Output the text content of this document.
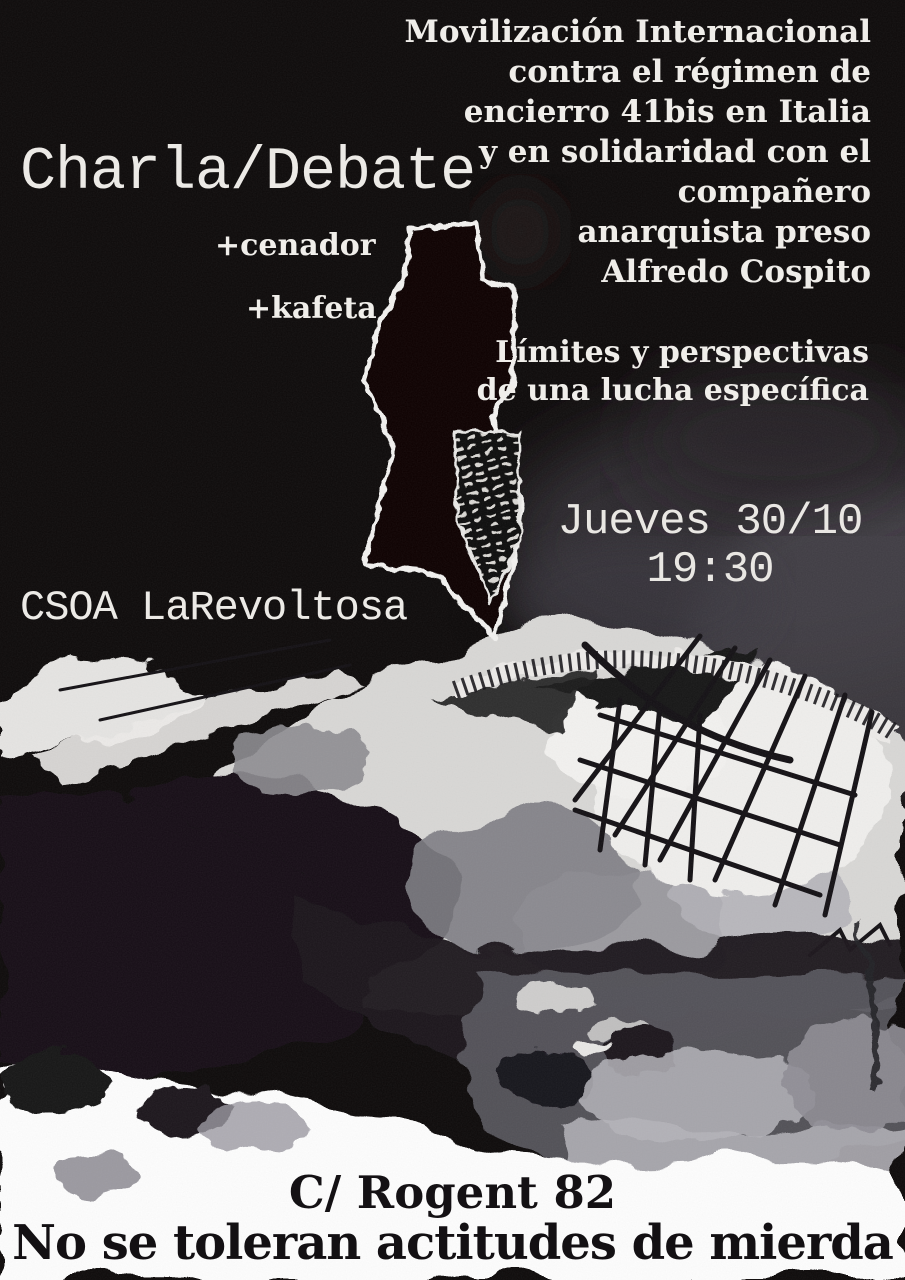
Movilización Internacional
contra el régimen de
encierro 41bis en Italia
y en solidaridad con el
compañero
anarquista preso
Alfredo Cospito
Charla/Debate
+cenador
+kafeta
Límites y perspectivas
de una lucha específica
Jueves 30/10
19:30
CSOA LaRevoltosa
C/ Rogent 82
No se toleran actitudes de mierda
